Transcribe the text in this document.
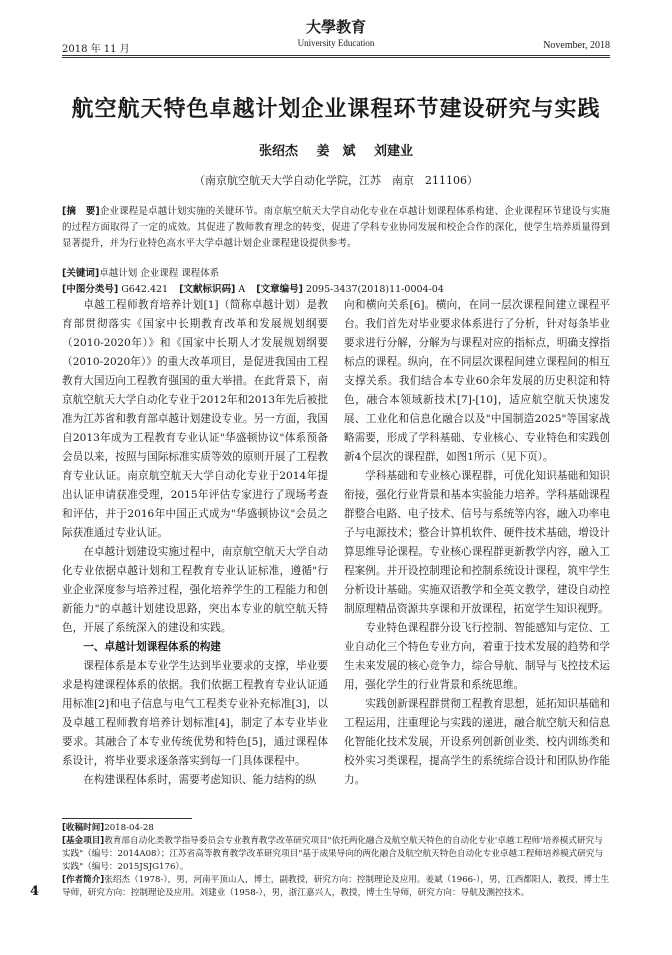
2018 年 11 月
大學教育
University Education	November, 2018
航空航天特色卓越计划企业课程环节建设研究与实践
张绍杰 姜　斌 刘建业
（南京航空航天大学自动化学院，江苏　南京　211106）
[摘　要]企业课程是卓越计划实施的关键环节。南京航空航天大学自动化专业在卓越计划课程体系构建、企业课程环节建设与实施的过程方面取得了一定的成效。其促进了教师教育理念的转变，促进了学科专业协同发展和校企合作的深化，使学生培养质量得到显著提升，并为行业特色高水平大学卓越计划企业课程建设提供参考。
[关键词]卓越计划 企业课程 课程体系
[中图分类号] G642.421 [文献标识码] A [文章编号] 2095-3437(2018)11-0004-04

卓越工程师教育培养计划[1]（简称卓越计划）是教育部贯彻落实《国家中长期教育改革和发展规划纲要（2010-2020年）》和《国家中长期人才发展规划纲要（2010-2020年）》的重大改革项目，是促进我国由工程教育大国迈向工程教育强国的重大举措。在此背景下，南京航空航天大学自动化专业于2012年和2013年先后被批准为江苏省和教育部卓越计划建设专业。另一方面，我国自2013年成为工程教育专业认证"华盛顿协议"体系预备会员以来，按照与国际标准实质等效的原则开展了工程教育专业认证。南京航空航天大学自动化专业于2014年提出认证申请获准受理，2015年评估专家进行了现场考查和评估，并于2016年中国正式成为"华盛顿协议"会员之际获准通过专业认证。

在卓越计划建设实施过程中，南京航空航天大学自动化专业依据卓越计划和工程教育专业认证标准，遵循"行业企业深度参与培养过程，强化培养学生的工程能力和创新能力"的卓越计划建设思路，突出本专业的航空航天特色，开展了系统深入的建设和实践。

一、卓越计划课程体系的构建

课程体系是本专业学生达到毕业要求的支撑，毕业要求是构建课程体系的依据。我们依据工程教育专业认证通用标准[2]和电子信息与电气工程类专业补充标准[3]，以及卓越工程师教育培养计划标准[4]，制定了本专业毕业要求。其融合了本专业传统优势和特色[5]，通过课程体系设计，将毕业要求逐条落实到每一门具体课程中。

在构建课程体系时，需要考虑知识、能力结构的纵

向和横向关系[6]。横向，在同一层次课程间建立课程平台。我们首先对毕业要求体系进行了分析，针对每条毕业要求进行分解，分解为与课程对应的指标点，明确支撑指标点的课程。纵向，在不同层次课程间建立课程间的相互支撑关系。我们结合本专业60余年发展的历史积淀和特色，融合本领域新技术[7]-[10]，适应航空航天快速发展、工业化和信息化融合以及"中国制造2025"等国家战略需要，形成了学科基础、专业核心、专业特色和实践创新4个层次的课程群，如图1所示（见下页）。

学科基础和专业核心课程群，可优化知识基础和知识衔接，强化行业背景和基本实验能力培养。学科基础课程群整合电路、电子技术、信号与系统等内容，融入功率电子与电源技术；整合计算机软件、硬件技术基础，增设计算思维导论课程。专业核心课程群更新教学内容，融入工程案例。并开设控制理论和控制系统设计课程，筑牢学生分析设计基础。实施双语教学和全英文教学，建设自动控制原理精品资源共享课和开放课程，拓宽学生知识视野。

专业特色课程群分设飞行控制、智能感知与定位、工业自动化三个特色专业方向，着重于技术发展的趋势和学生未来发展的核心竞争力，综合导航、制导与飞控技术运用，强化学生的行业背景和系统思维。

实践创新课程群贯彻工程教育思想，延拓知识基础和工程运用，注重理论与实践的递进，融合航空航天和信息化智能化技术发展，开设系列创新创业类、校内训练类和校外实习类课程，提高学生的系统综合设计和团队协作能力。

[收稿时间]2018-04-28
[基金项目]教育部自动化类教学指导委员会专业教育教学改革研究项目"依托两化融合及航空航天特色的自动化专业'卓越工程师'培养模式研究与实践"（编号：2014A08）；江苏省高等教育教学改革研究项目"基于成果导向的两化融合及航空航天特色自动化专业卓越工程师培养模式研究与实践"（编号：2015JSJG176）。
[作者简介]张绍杰（1978-），男，河南平顶山人，博士，副教授，研究方向：控制理论及应用。姜斌（1966-），男，江西都阳人，教授，博士生导师，研究方向：控制理论及应用。刘建业（1958-），男，浙江嘉兴人，教授，博士生导师，研究方向：导航及测控技术。
4
